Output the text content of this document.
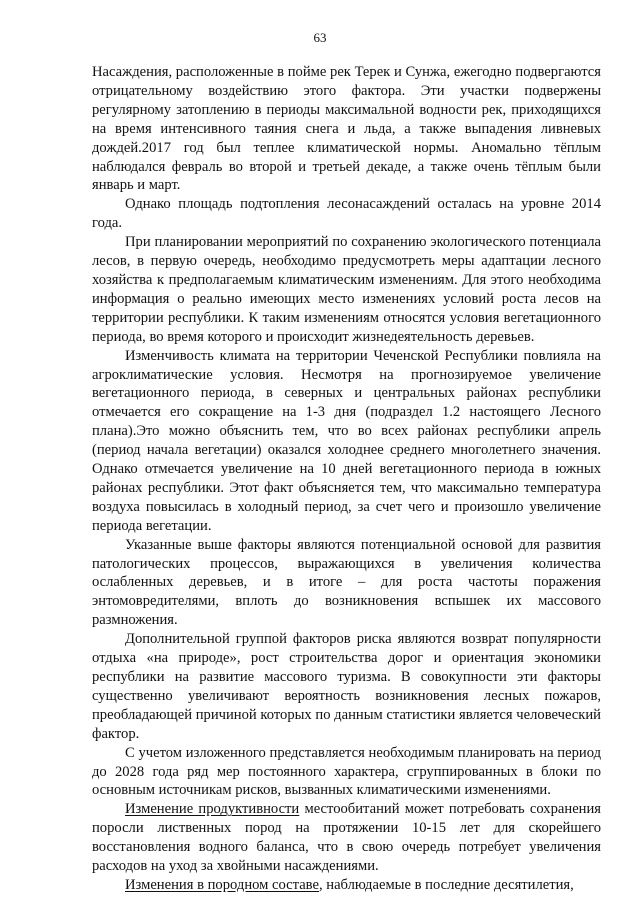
63

Насаждения, расположенные в пойме рек Терек и Сунжа, ежегодно подвергаются отрицательному воздействию этого фактора. Эти участки подвержены регулярному затоплению в периоды максимальной водности рек, приходящихся на время интенсивного таяния снега и льда, а также выпадения ливневых дождей.2017 год был теплее климатической нормы. Аномально тёплым наблюдался февраль во второй и третьей декаде, а также очень тёплым были январь и март.

Однако площадь подтопления лесонасаждений осталась на уровне 2014 года.

При планировании мероприятий по сохранению экологического потенциала лесов, в первую очередь, необходимо предусмотреть меры адаптации лесного хозяйства к предполагаемым климатическим изменениям. Для этого необходима информация о реально имеющих место изменениях условий роста лесов на территории республики. К таким изменениям относятся условия вегетационного периода, во время которого и происходит жизнедеятельность деревьев.

Изменчивость климата на территории Чеченской Республики повлияла на агроклиматические условия. Несмотря на прогнозируемое увеличение вегетационного периода, в северных и центральных районах республики отмечается его сокращение на 1-3 дня (подраздел 1.2 настоящего Лесного плана).Это можно объяснить тем, что во всех районах республики апрель (период начала вегетации) оказался холоднее среднего многолетнего значения. Однако отмечается увеличение на 10 дней вегетационного периода в южных районах республики. Этот факт объясняется тем, что максимально температура воздуха повысилась в холодный период, за счет чего и произошло увеличение периода вегетации.

Указанные выше факторы являются потенциальной основой для развития патологических процессов, выражающихся в увеличения количества ослабленных деревьев, и в итоге – для роста частоты поражения энтомовредителями, вплоть до возникновения вспышек их массового размножения.

Дополнительной группой факторов риска являются возврат популярности отдыха «на природе», рост строительства дорог и ориентация экономики республики на развитие массового туризма. В совокупности эти факторы существенно увеличивают вероятность возникновения лесных пожаров, преобладающей причиной которых по данным статистики является человеческий фактор.

С учетом изложенного представляется необходимым планировать на период до 2028 года ряд мер постоянного характера, сгруппированных в блоки по основным источникам рисков, вызванных климатическими изменениями.

Изменение продуктивности местообитаний может потребовать сохранения поросли лиственных пород на протяжении 10-15 лет для скорейшего восстановления водного баланса, что в свою очередь потребует увеличения расходов на уход за хвойными насаждениями.

Изменения в породном составе, наблюдаемые в последние десятилетия,
